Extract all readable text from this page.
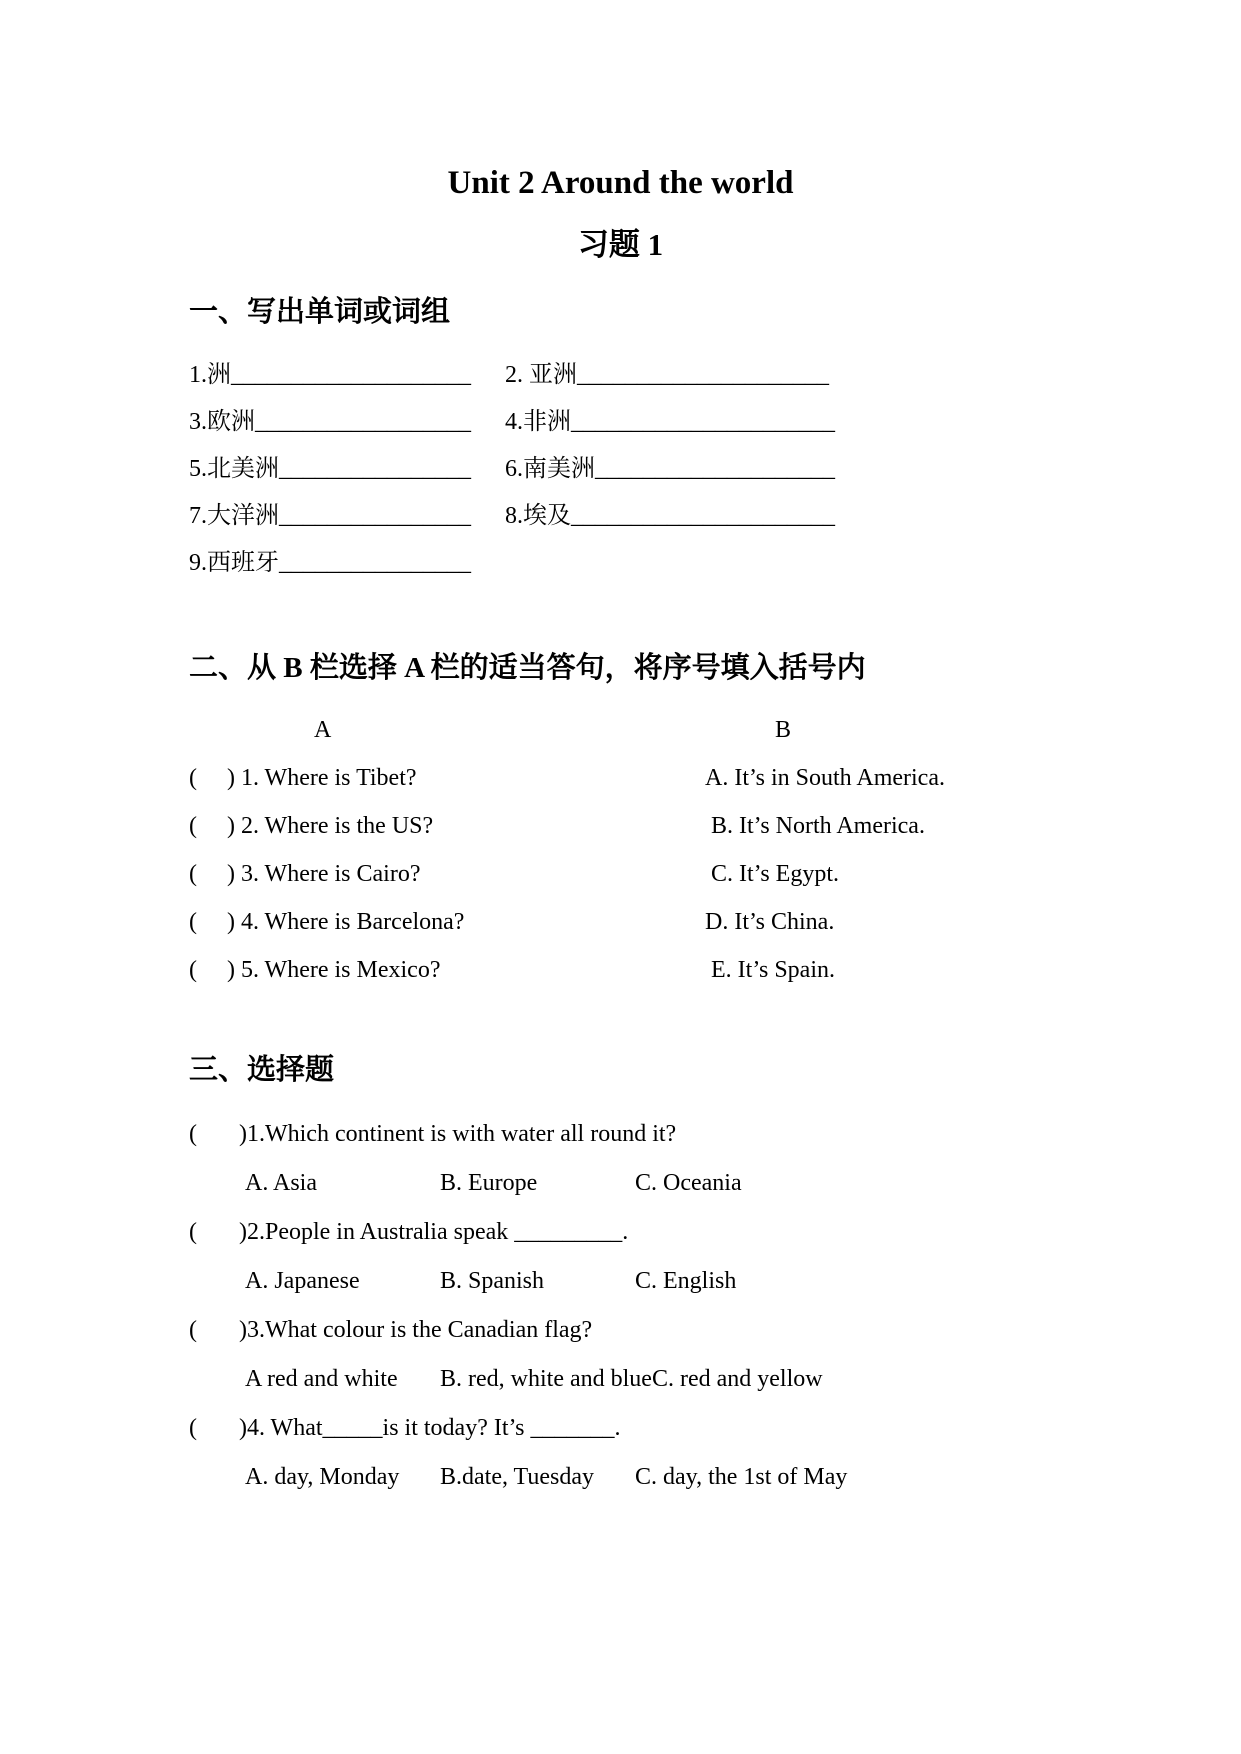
Unit 2 Around the world
习题 1
一、写出单词或词组

1.洲____________________	2. 亚洲_____________________

3.欧洲__________________	4.非洲______________________

5.北美洲________________	6.南美洲____________________

7.大洋洲________________	8.埃及______________________

9.西班牙________________

二、从 B 栏选择 A 栏的适当答句，将序号填入括号内

A	B

(     ) 1. Where is Tibet?	A. It’s in South America.

(     ) 2. Where is the US?	B. It’s North America.

(     ) 3. Where is Cairo?	C. It’s Egypt.

(     ) 4. Where is Barcelona?	D. It’s China.

(     ) 5. Where is Mexico?	E. It’s Spain.

三、选择题

(       )1.Which continent is with water all round it?

A. Asia	B. Europe	C. Oceania

(       )2.People in Australia speak _________.

A. Japanese	B. Spanish	C. English

(       )3.What colour is the Canadian flag?

A red and white B. red, white and blueC. red and yellow

(       )4. What_____is it today? It’s _______.

A. day, Monday B.date, Tuesday C. day, the 1st of May
